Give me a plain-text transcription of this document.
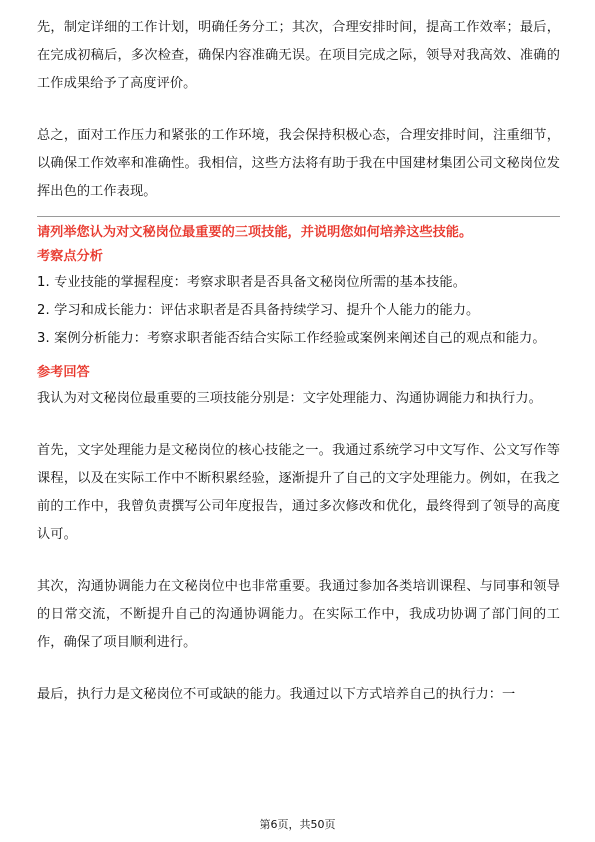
先，制定详细的工作计划，明确任务分工；其次，合理安排时间，提高工作效率；最后，在完成初稿后，多次检查，确保内容准确无误。在项目完成之际，领导对我高效、准确的工作成果给予了高度评价。

总之，面对工作压力和紧张的工作环境，我会保持积极心态，合理安排时间，注重细节，以确保工作效率和准确性。我相信，这些方法将有助于我在中国建材集团公司文秘岗位发挥出色的工作表现。

请列举您认为对文秘岗位最重要的三项技能，并说明您如何培养这些技能。

考察点分析

1. 专业技能的掌握程度：考察求职者是否具备文秘岗位所需的基本技能。

2. 学习和成长能力：评估求职者是否具备持续学习、提升个人能力的能力。

3. 案例分析能力：考察求职者能否结合实际工作经验或案例来阐述自己的观点和能力。

参考回答

我认为对文秘岗位最重要的三项技能分别是：文字处理能力、沟通协调能力和执行力。

首先，文字处理能力是文秘岗位的核心技能之一。我通过系统学习中文写作、公文写作等课程，以及在实际工作中不断积累经验，逐渐提升了自己的文字处理能力。例如，在我之前的工作中，我曾负责撰写公司年度报告，通过多次修改和优化，最终得到了领导的高度认可。

其次，沟通协调能力在文秘岗位中也非常重要。我通过参加各类培训课程、与同事和领导的日常交流，不断提升自己的沟通协调能力。在实际工作中，我成功协调了部门间的工作，确保了项目顺利进行。

最后，执行力是文秘岗位不可或缺的能力。我通过以下方式培养自己的执行力：一

第6页，共50页
